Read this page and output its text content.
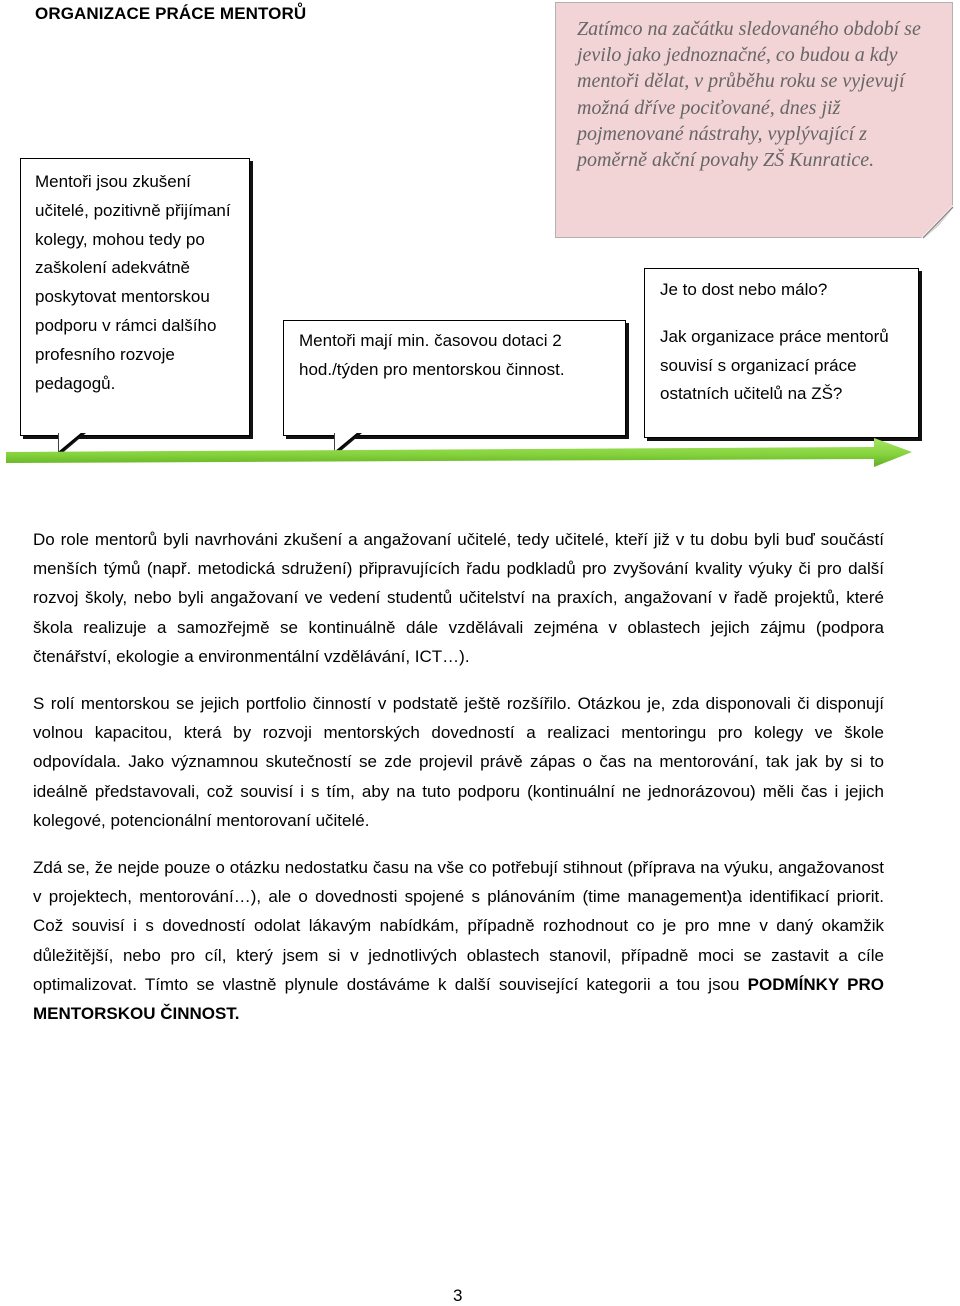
ORGANIZACE PRÁCE MENTORŮ
Mentoři jsou zkušení učitelé, pozitivně přijímaní kolegy, mohou tedy po zaškolení adekvátně poskytovat mentorskou podporu v rámci dalšího profesního rozvoje pedagogů.
Mentoři mají min. časovou dotaci 2 hod./týden pro mentorskou činnost.

Je to dost nebo málo?

Jak organizace práce mentorů souvisí s organizací práce ostatních učitelů na ZŠ?

Zatímco na začátku sledovaného období se jevilo jako jednoznačné, co budou a kdy mentoři dělat, v průběhu roku se vyjevují možná dříve pociťované, dnes již pojmenované nástrahy, vyplývající z poměrně akční povahy ZŠ Kunratice.

Do role mentorů byli navrhováni zkušení a angažovaní učitelé, tedy učitelé, kteří již v tu dobu byli buď součástí menších týmů (např. metodická sdružení) připravujících řadu podkladů pro zvyšování kvality výuky či pro další rozvoj školy, nebo byli angažovaní ve vedení studentů učitelství na praxích, angažovaní v řadě projektů, které škola realizuje a samozřejmě se kontinuálně dále vzdělávali zejména v oblastech jejich zájmu (podpora čtenářství, ekologie a environmentální vzdělávání, ICT…).

S rolí mentorskou se jejich portfolio činností v podstatě ještě rozšířilo. Otázkou je, zda disponovali či disponují volnou kapacitou, která by rozvoji mentorských dovedností a realizaci mentoringu pro kolegy ve škole odpovídala. Jako významnou skutečností se zde projevil právě zápas o čas na mentorování, tak jak by si to ideálně představovali, což souvisí i s tím, aby na tuto podporu (kontinuální ne jednorázovou) měli čas i jejich kolegové, potencionální mentorovaní učitelé.

Zdá se, že nejde pouze o otázku nedostatku času na vše co potřebují stihnout (příprava na výuku, angažovanost v projektech, mentorování…), ale o dovednosti spojené s plánováním (time management)a identifikací priorit. Což souvisí i s dovedností odolat lákavým nabídkám, případně rozhodnout co je pro mne v daný okamžik důležitější, nebo pro cíl, který jsem si v jednotlivých oblastech stanovil, případně moci se zastavit a cíle optimalizovat. Tímto se vlastně plynule dostáváme k další související kategorii a tou jsou PODMÍNKY PRO MENTORSKOU ČINNOST.

3
